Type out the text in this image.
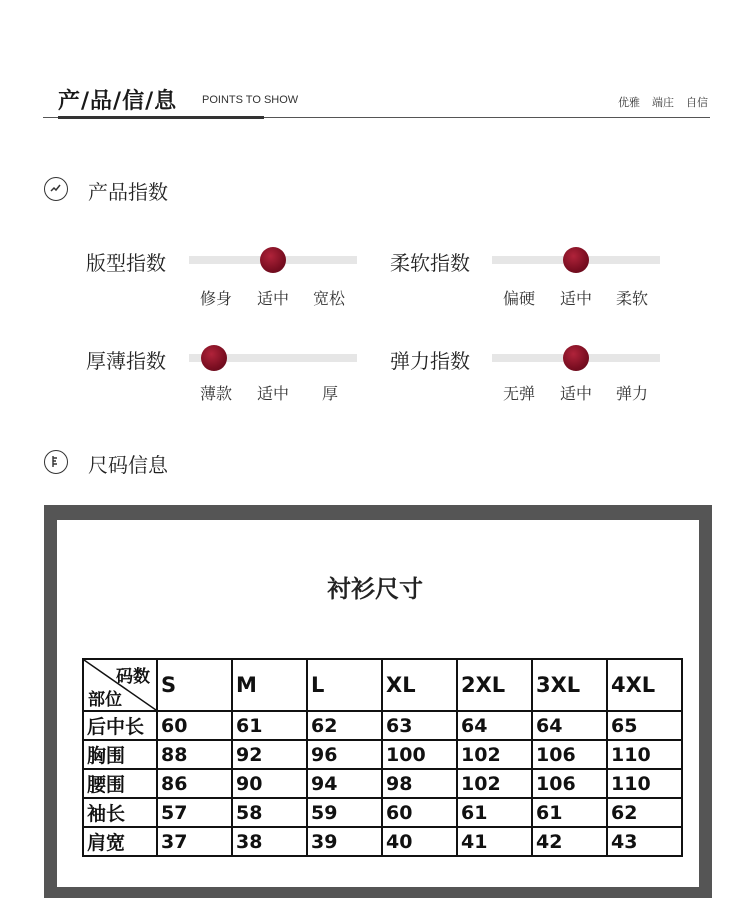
产/品/信/息 POINTS TO SHOW	优雅 端庄 自信
产品指数
版型指数
修身 适中 宽松
柔软指数
偏硬 适中 柔软
厚薄指数
薄款 适中 厚
弹力指数
无弹 适中 弹力
尺码信息
衬衫尺寸
码数
部位	S	M	L	XL	2XL	3XL	4XL
后中长	60	61	62	63	64	64	65
胸围	88	92	96	100	102	106	110
腰围	86	90	94	98	102	106	110
袖长	57	58	59	60	61	61	62
肩宽	37	38	39	40	41	42	43
